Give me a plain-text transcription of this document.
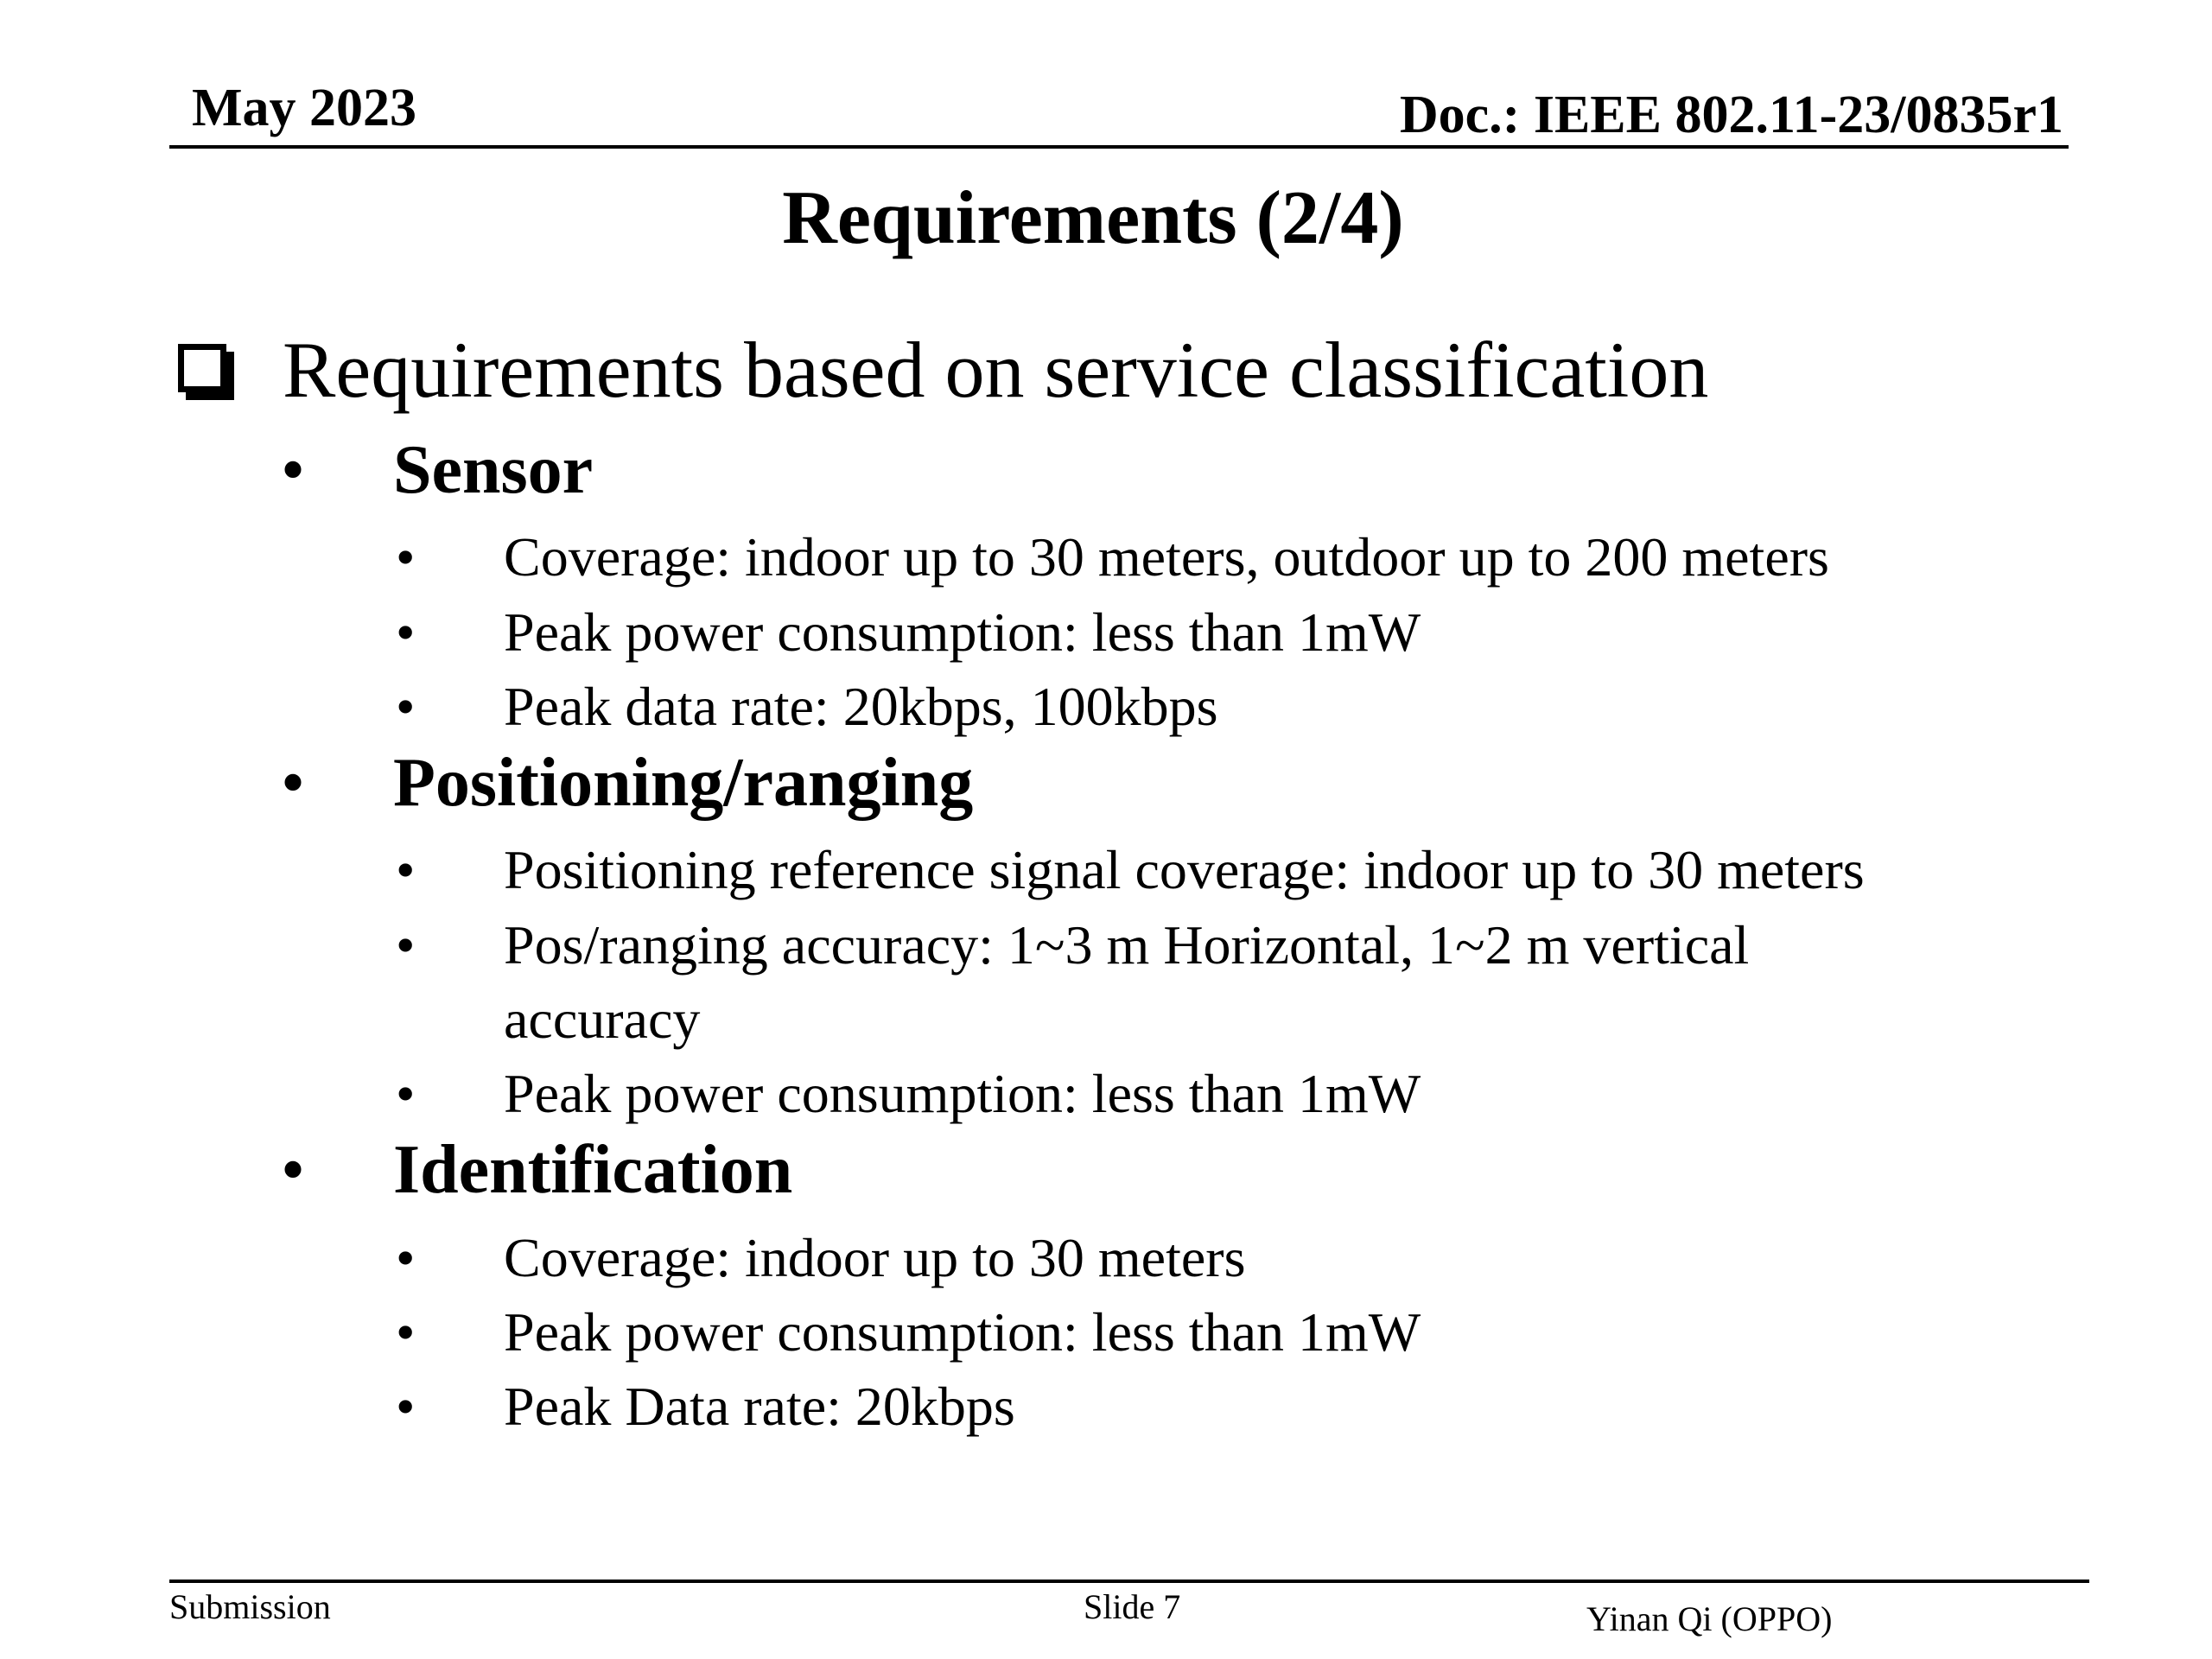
May 2023	Doc.: IEEE 802.11-23/0835r1
Requirements (2/4)
Requirements based on service classification
• Sensor
• Coverage: indoor up to 30 meters, outdoor up to 200 meters
• Peak power consumption: less than 1mW
• Peak data rate: 20kbps, 100kbps
• Positioning/ranging
• Positioning reference signal coverage: indoor up to 30 meters
• Pos/ranging accuracy: 1~3 m Horizontal, 1~2 m vertical
accuracy
• Peak power consumption: less than 1mW
• Identification
• Coverage: indoor up to 30 meters
• Peak power consumption: less than 1mW
• Peak Data rate: 20kbps
Submission	Slide 7	Yinan Qi (OPPO)
